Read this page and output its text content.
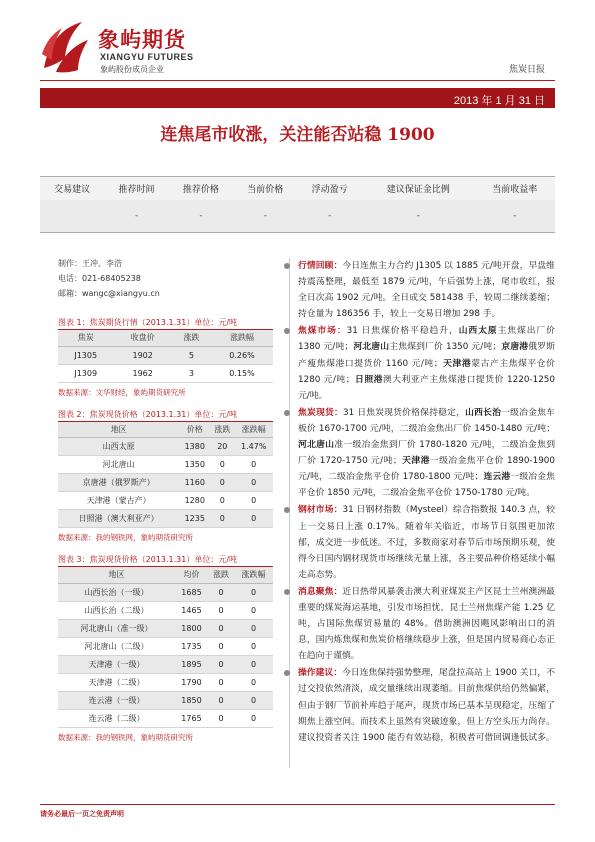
象屿期货
XIANGYU FUTURES
象屿股份成员企业	焦炭日报
2013 年 1 月 31 日
连焦尾市收涨，关注能否站稳 1900
交易建议	推荐时间	推荐价格	当前价格	浮动盈亏	建议保证金比例	当前收益率
	-	-	-	-	-	-
制作：王冲、李浩
电话：021-68405238
邮箱：wangc@xiangyu.cn
图表 1：焦炭期货行情（2013.1.31）单位：元/吨
焦炭	收盘价	涨跌	涨跌幅
J1305	1902	5	0.26%
J1309	1962	3	0.15%
数据来源：文华财经，象屿期货研究所
图表 2：焦炭现货价格（2013.1.31）单位：元/吨
地区	价格	涨跌	涨跌幅
山西太原	1380	20	1.47%
河北唐山	1350	0	0
京唐港（俄罗斯产）	1160	0	0
天津港（蒙古产）	1280	0	0
日照港（澳大利亚产）	1235	0	0
数据来源：我的钢铁网，象屿期货研究所
图表 3：焦炭现货价格（2013.1.31）单位：元/吨
地区	均价	涨跌	涨跌幅
山西长治（一级）	1685	0	0
山西长治（二级）	1465	0	0
河北唐山（准一级）	1800	0	0
河北唐山（二级）	1735	0	0
天津港（一级）	1895	0	0
天津港（二级）	1790	0	0
连云港（一级）	1850	0	0
连云港（二级）	1765	0	0
数据来源：我的钢铁网，象屿期货研究所
行情回顾：今日连焦主力合约 J1305 以 1885 元/吨开盘，早盘维持震荡整理，最低至 1879 元/吨，午后强势上涨，尾市收红，报全日次高 1902 元/吨。全日成交 581438 手，较周二继续萎缩；持仓量为 186356 手，较上一交易日增加 298 手。
焦煤市场：31 日焦煤价格平稳趋升，山西太原主焦煤出厂价 1380 元/吨；河北唐山主焦煤到厂价 1350 元/吨；京唐港俄罗斯产瘦焦煤港口提货价 1160 元/吨；天津港蒙古产主焦煤平仓价 1280 元/吨；日照港澳大利亚产主焦煤港口提货价 1220-1250 元/吨。
焦炭现货：31 日焦炭现货价格保持稳定，山西长治一级冶金焦车板价 1670-1700 元/吨，二级冶金焦出厂价 1450-1480 元/吨；河北唐山准一级冶金焦到厂价 1780-1820 元/吨，二级冶金焦到厂价 1720-1750 元/吨；天津港一级冶金焦平仓价 1890-1900 元/吨，二级冶金焦平仓价 1780-1800 元/吨；连云港一级冶金焦平仓价 1850 元/吨，二级冶金焦平仓价 1750-1780 元/吨。
钢材市场：31 日钢材指数（Mysteel）综合指数报 140.3 点，较上一交易日上涨 0.17%。随着年关临近，市场节日氛围更加浓郁，成交进一步低迷。不过，多数商家对春节后市场预期乐观，使得今日国内钢材现货市场继续无量上涨，各主要品种价格延续小幅走高态势。
消息聚焦：近日热带风暴袭击澳大利亚煤炭主产区昆士兰州澳洲最重要的煤炭海运基地，引发市场担忧，昆士兰州焦煤产能 1.25 亿吨，占国际焦煤贸易量的 48%。借助澳洲因飓风影响出口的消息，国内炼焦煤和焦炭价格继续稳步上涨，但是国内贸易商心态正在趋向于谨慎。
操作建议：今日连焦保持强势整理，尾盘拉高站上 1900 关口，不过交投依然清淡，成交量继续出现萎缩。目前焦煤供给仍然偏紧，但由于钢厂节前补库趋于尾声，现货市场已基本呈现稳定，压缩了期焦上涨空间。而技术上虽然有突破迹象，但上方空头压力尚存。建议投资者关注 1900 能否有效站稳，积极者可借回调逢低试多。
请务必最后一页之免责声明
